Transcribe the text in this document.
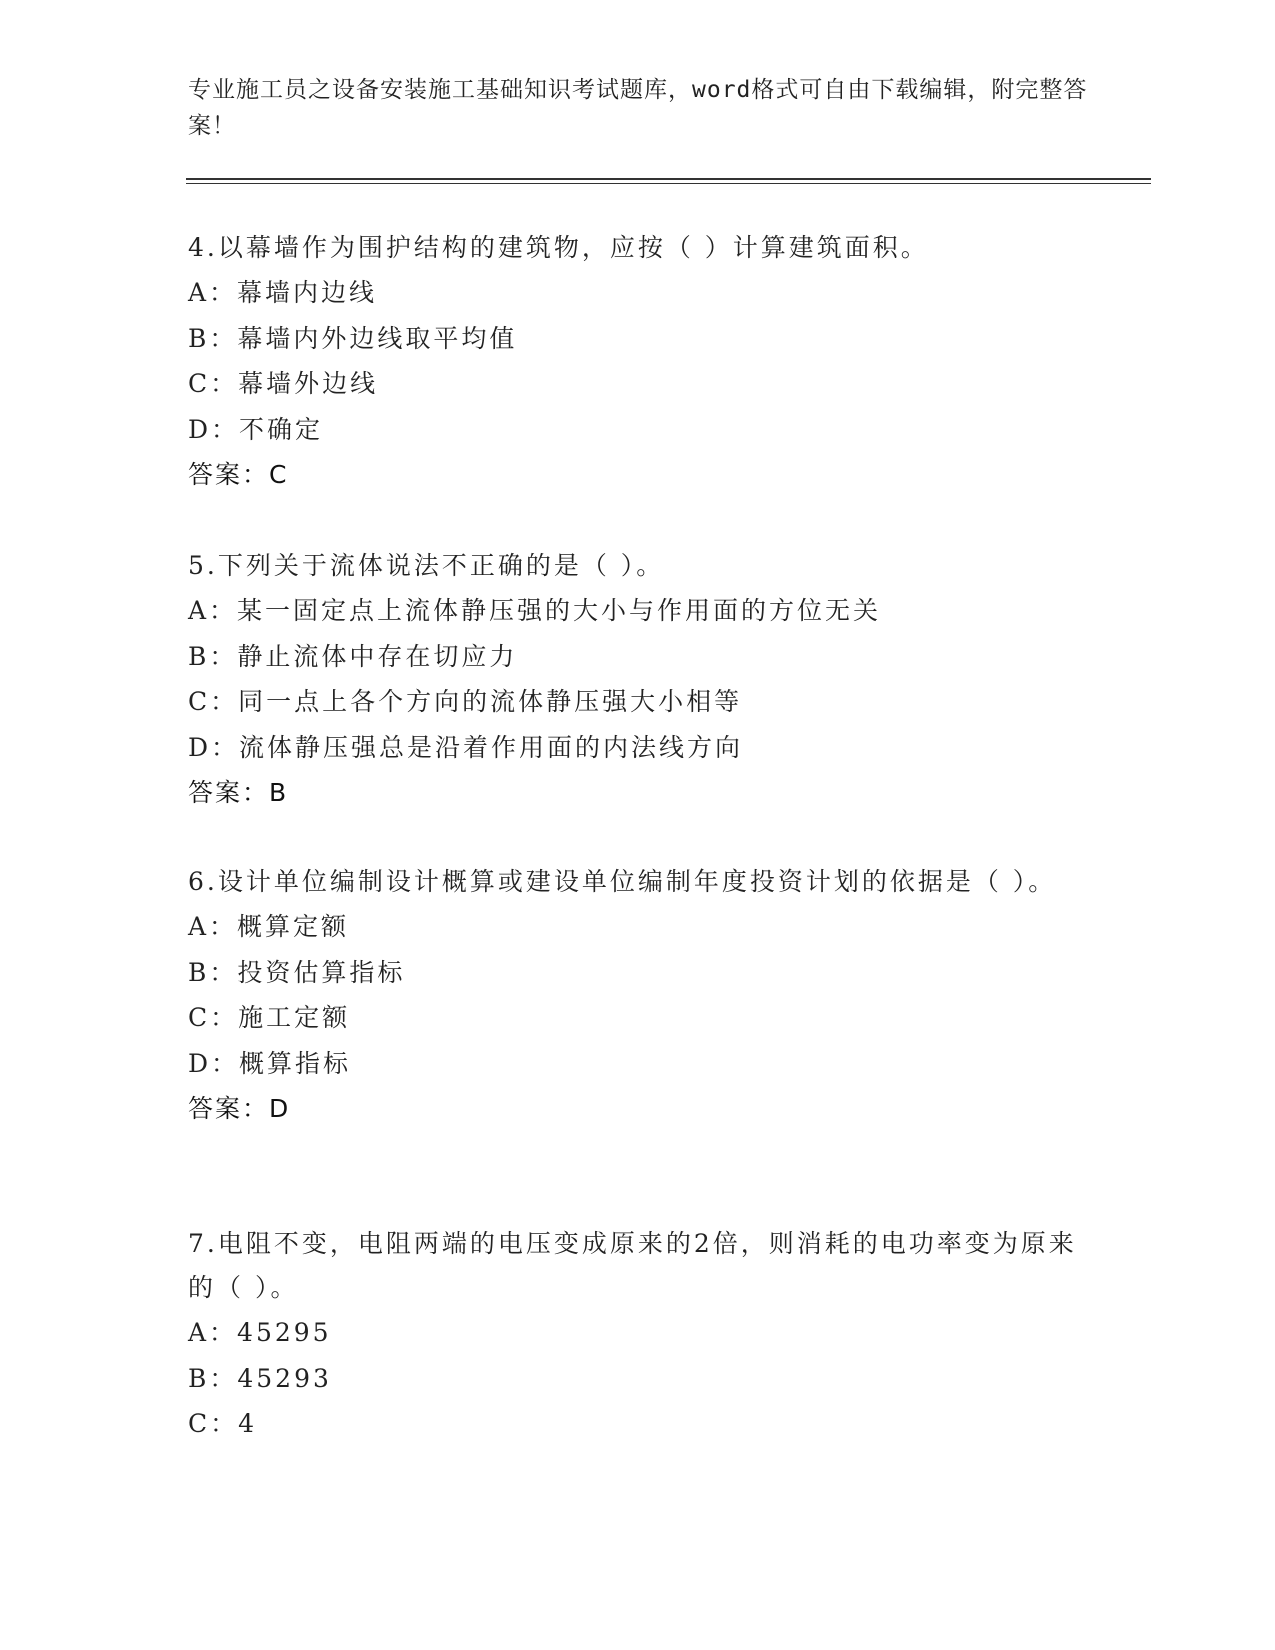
专业施工员之设备安装施工基础知识考试题库，word格式可自由下载编辑，附完整答案！

4.以幕墙作为围护结构的建筑物，应按（ ）计算建筑面积。

A：幕墙内边线
B：幕墙内外边线取平均值
C：幕墙外边线
D：不确定
答案：C

5.下列关于流体说法不正确的是（ ）。

A：某一固定点上流体静压强的大小与作用面的方位无关
B：静止流体中存在切应力
C：同一点上各个方向的流体静压强大小相等
D：流体静压强总是沿着作用面的内法线方向
答案：B

6.设计单位编制设计概算或建设单位编制年度投资计划的依据是（ ）。

A：概算定额
B：投资估算指标
C：施工定额
D：概算指标
答案：D

7.电阻不变，电阻两端的电压变成原来的2倍，则消耗的电功率变为原来的（ ）。

A：45295
B：45293
C：4
